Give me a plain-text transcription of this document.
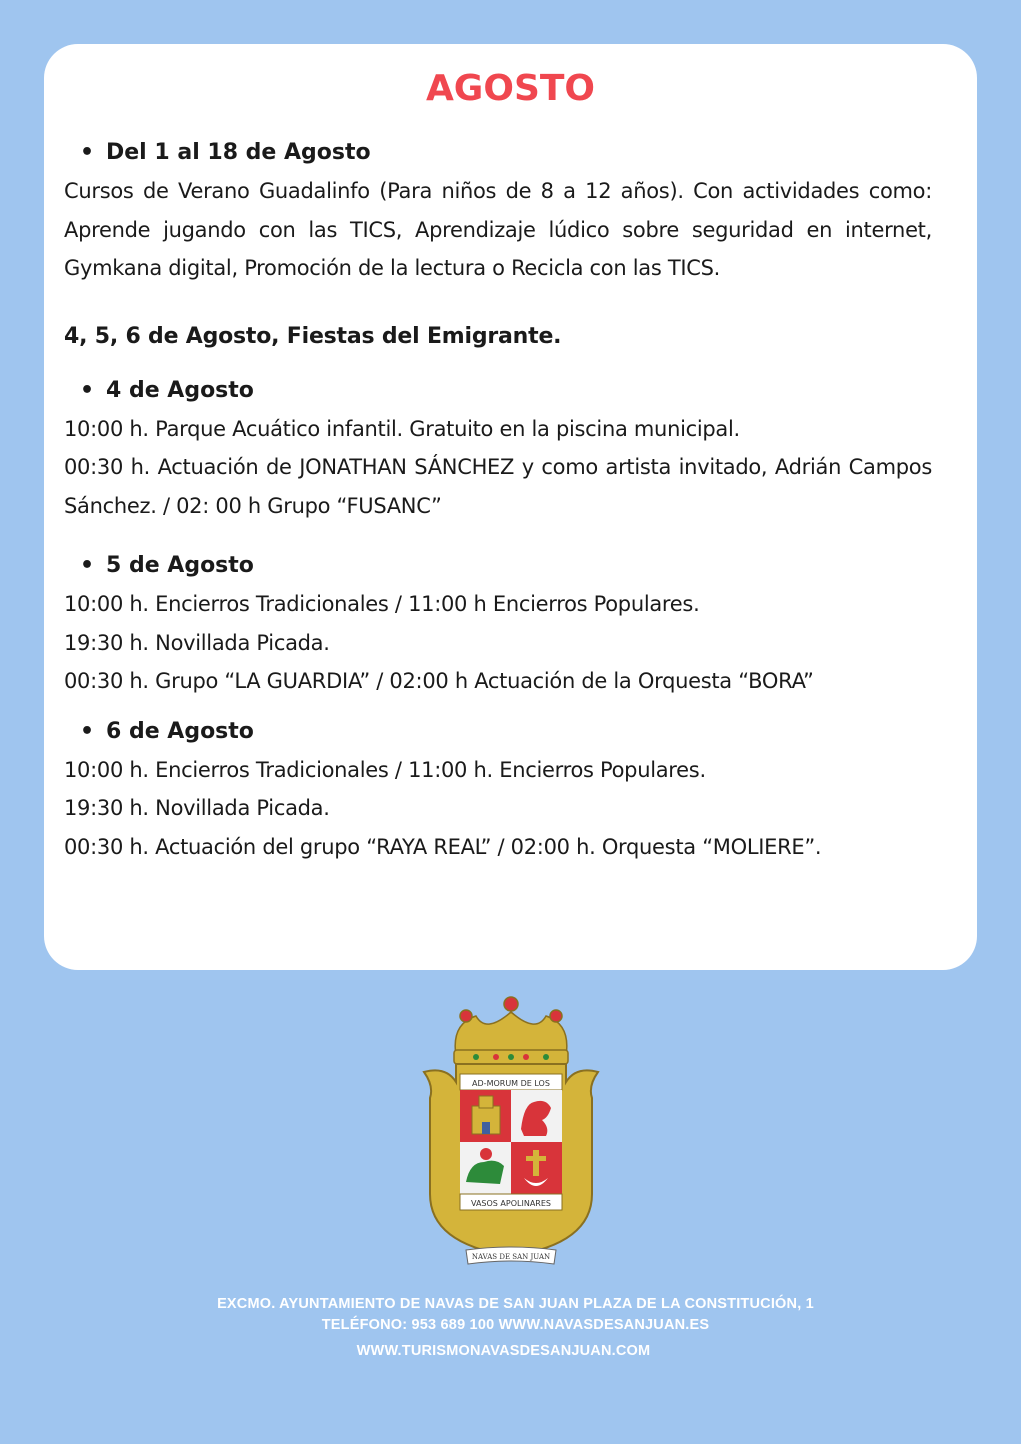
AGOSTO

• Del 1 al 18 de Agosto

Cursos de Verano Guadalinfo (Para niños de 8 a 12 años). Con actividades como: Aprende jugando con las TICS, Aprendizaje lúdico sobre seguridad en internet, Gymkana digital, Promoción de la lectura o Recicla con las TICS.

4, 5, 6 de Agosto, Fiestas del Emigrante.

• 4 de Agosto

10:00 h. Parque Acuático infantil. Gratuito en la piscina municipal.

00:30 h. Actuación de JONATHAN SÁNCHEZ y como artista invitado, Adrián Campos Sánchez. / 02: 00 h Grupo “FUSANC”

• 5 de Agosto

10:00 h. Encierros Tradicionales / 11:00 h Encierros Populares.

19:30 h. Novillada Picada.

00:30 h. Grupo “LA GUARDIA” / 02:00 h Actuación de la Orquesta “BORA”

• 6 de Agosto

10:00 h. Encierros Tradicionales / 11:00 h. Encierros Populares.

19:30 h. Novillada Picada.

00:30 h. Actuación del grupo “RAYA REAL” / 02:00 h. Orquesta “MOLIERE”.

AD-MORUM DE LOS
VASOS APOLINARES
NAVAS DE SAN JUAN
EXCMO. AYUNTAMIENTO DE NAVAS DE SAN JUAN PLAZA DE LA CONSTITUCIÓN, 1
TELÉFONO: 953 689 100 WWW.NAVASDESANJUAN.ES
WWW.TURISMONAVASDESANJUAN.COM
